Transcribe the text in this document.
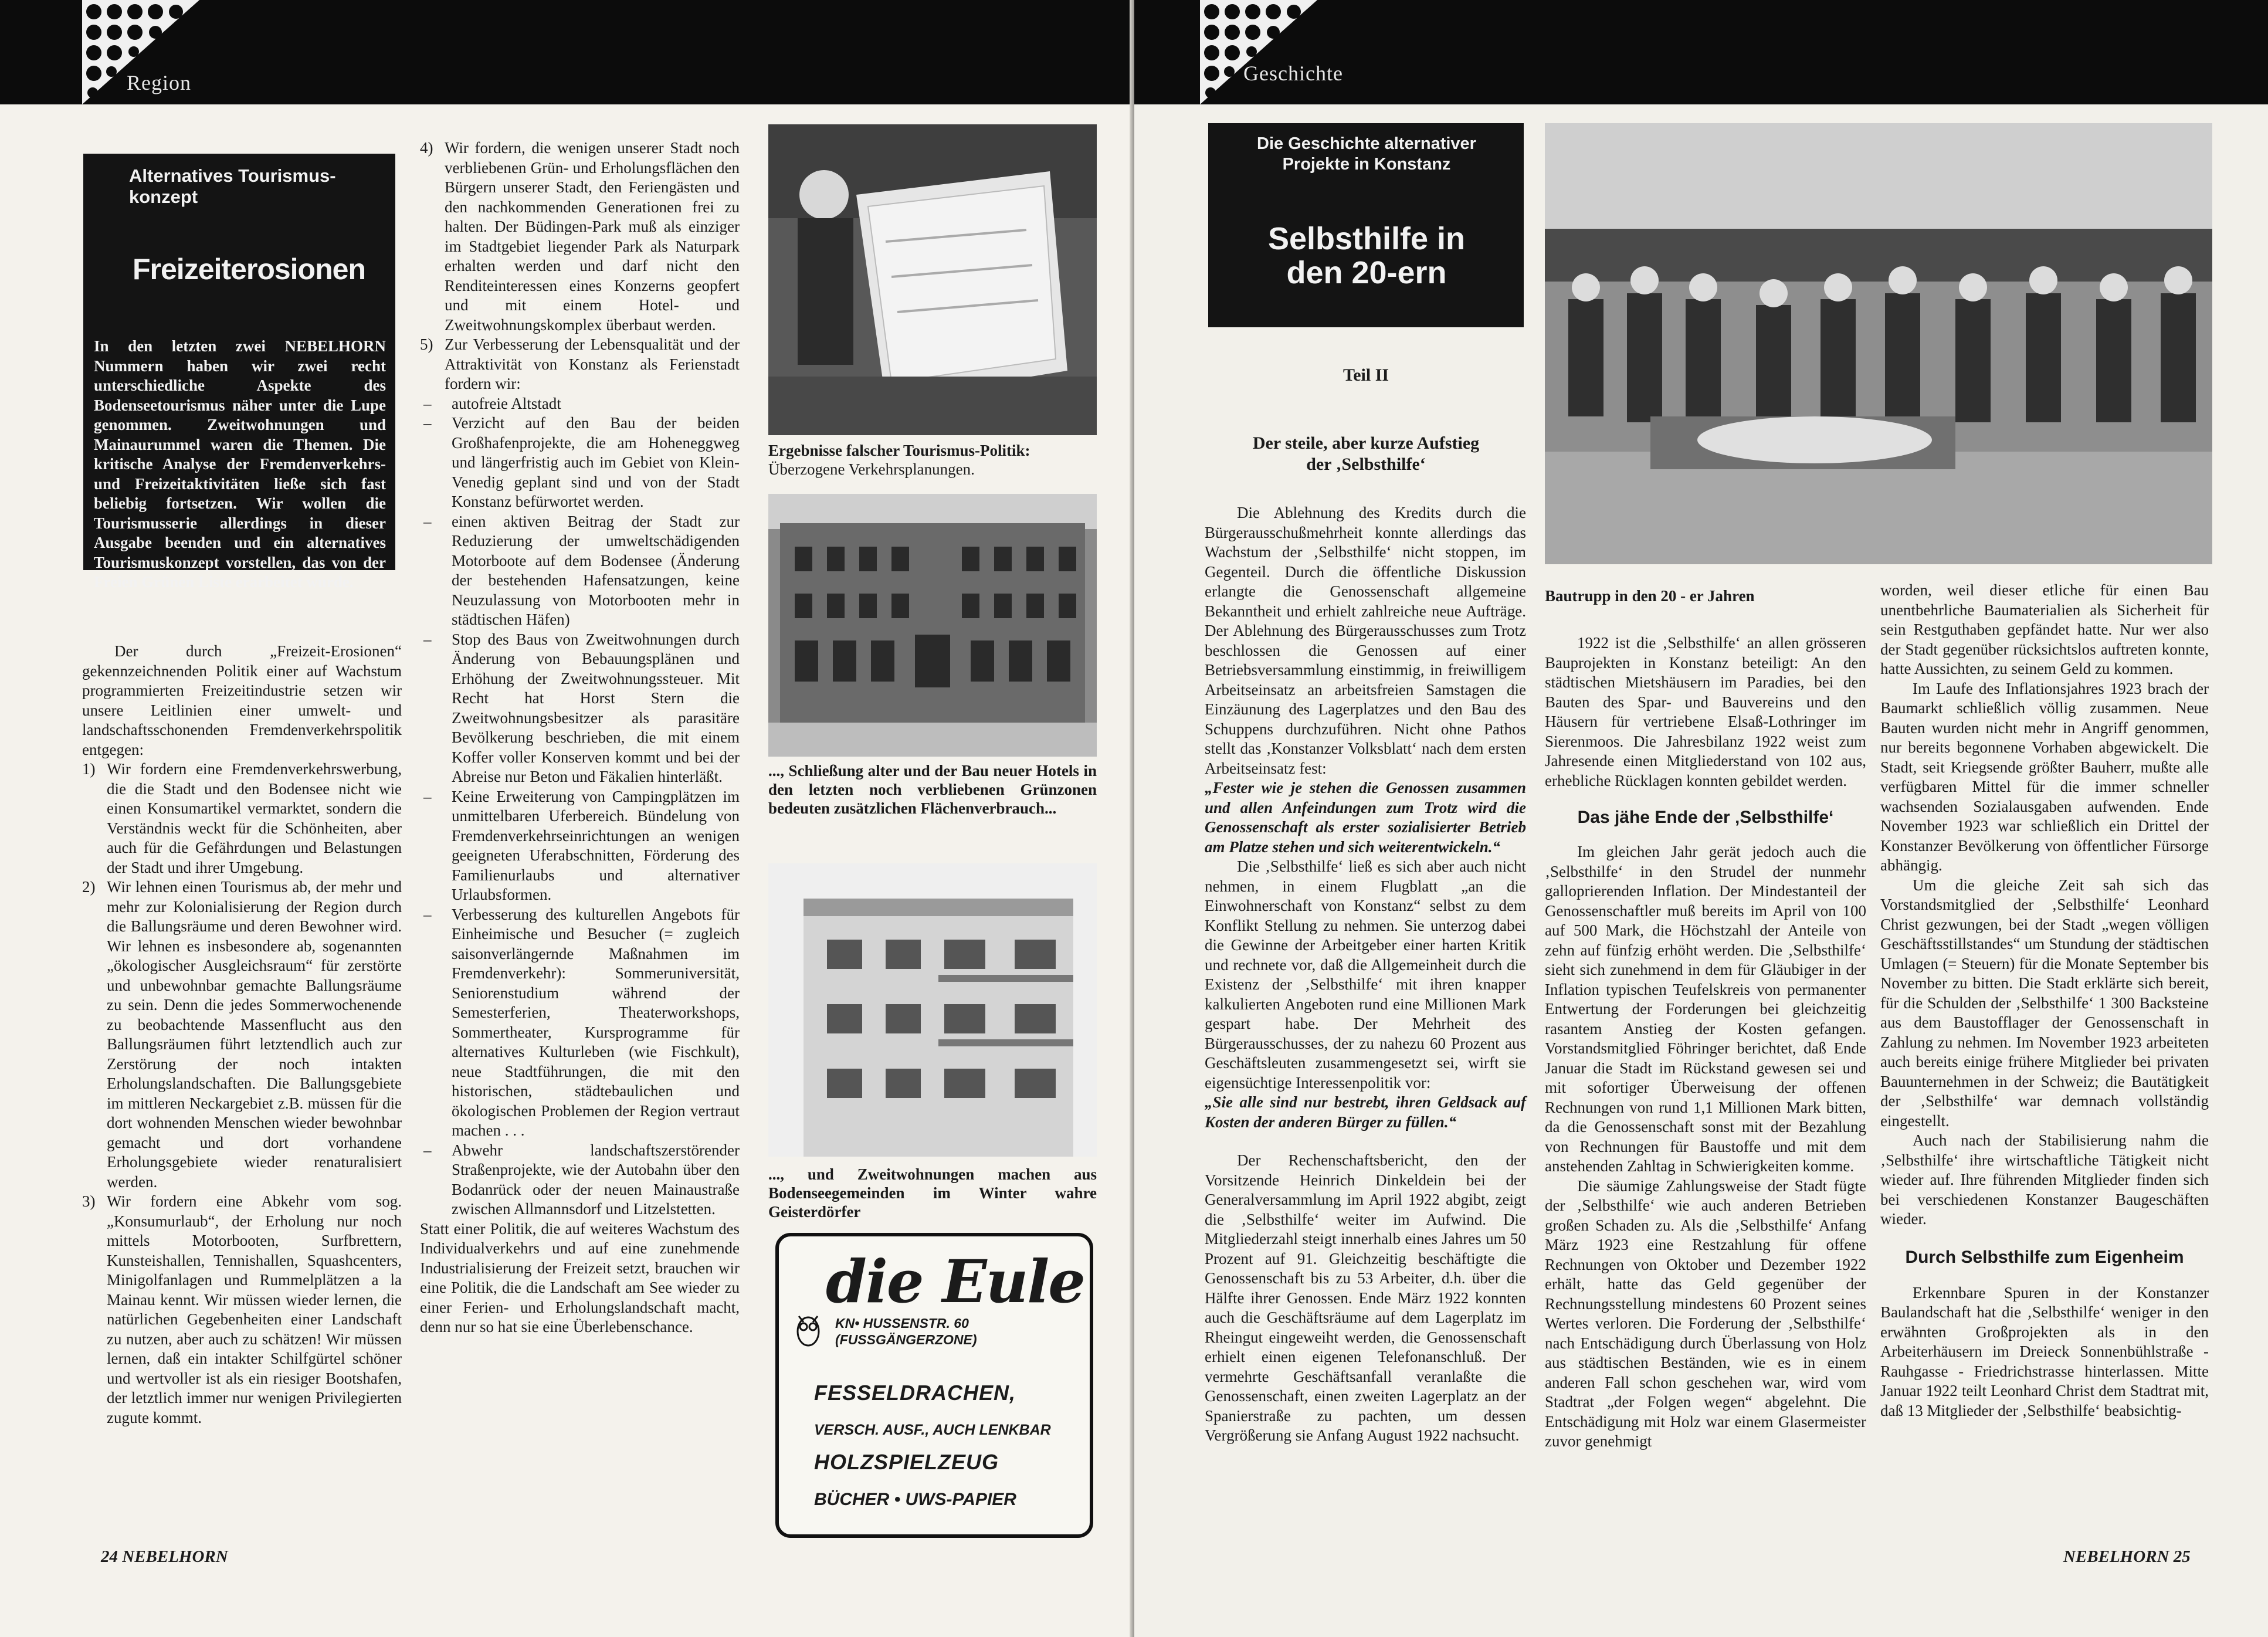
Region
Alternatives Tourismus-konzept
Freizeiterosionen
In den letzten zwei NEBELHORN Nummern haben wir zwei recht unterschiedliche Aspekte des Bodenseetourismus näher unter die Lupe genommen. Zweitwohnungen und Mainaurummel waren die Themen. Die kritische Analyse der Fremdenverkehrs- und Freizeitaktivitäten ließe sich fast beliebig fortsetzen. Wir wollen die Tourismusserie allerdings in dieser Ausgabe beenden und ein alternatives Tourismuskonzept vorstellen, das von der Freien Grünen Liste erarbeitet wurde.

Der durch „Freizeit-Erosionen“ gekennzeichnenden Politik einer auf Wachstum programmierten Freizeitindustrie setzen wir unsere Leitlinien einer umwelt- und landschaftsschonenden Fremdenverkehrspolitik entgegen:

1) Wir fordern eine Fremdenverkehrswerbung, die die Stadt und den Bodensee nicht wie einen Konsumartikel vermarktet, sondern die Verständnis weckt für die Schönheiten, aber auch für die Gefährdungen und Belastungen der Stadt und ihrer Umgebung.
2) Wir lehnen einen Tourismus ab, der mehr und mehr zur Kolonialisierung der Region durch die Ballungsräume und deren Bewohner wird. Wir lehnen es insbesondere ab, sogenannten „ökologischer Ausgleichsraum“ für zerstörte und unbewohnbar gemachte Ballungsräume zu sein. Denn die jedes Sommerwochenende zu beobachtende Massenflucht aus den Ballungsräumen führt letztendlich auch zur Zerstörung der noch intakten Erholungslandschaften. Die Ballungsgebiete im mittleren Neckargebiet z.B. müssen für die dort wohnenden Menschen wieder bewohnbar gemacht und dort vorhandene Erholungsgebiete wieder renaturalisiert werden.
3) Wir fordern eine Abkehr vom sog. „Konsumurlaub“, der Erholung nur noch mittels Motorbooten, Surfbrettern, Kunsteishallen, Tennishallen, Squashcenters, Minigolfanlagen und Rummelplätzen a la Mainau kennt. Wir müssen wieder lernen, die natürlichen Gegebenheiten einer Landschaft zu nutzen, aber auch zu schätzen! Wir müssen lernen, daß ein intakter Schilfgürtel schöner und wertvoller ist als ein riesiger Bootshafen, der letztlich immer nur wenigen Privilegierten zugute kommt.
4) Wir fordern, die wenigen unserer Stadt noch verbliebenen Grün- und Erholungsflächen den Bürgern unserer Stadt, den Feriengästen und den nachkommenden Generationen frei zu halten. Der Büdingen-Park muß als einziger im Stadtgebiet liegender Park als Naturpark erhalten werden und darf nicht den Renditeinteressen eines Konzerns geopfert und mit einem Hotel- und Zweitwohnungskomplex überbaut werden.
5) Zur Verbesserung der Lebensqualität und der Attraktivität von Konstanz als Ferienstadt fordern wir:
–	autofreie Altstadt
–	Verzicht auf den Bau der beiden Großhafenprojekte, die am Hoheneggweg und längerfristig auch im Gebiet von Klein-Venedig geplant sind und von der Stadt Konstanz befürwortet werden.
–	einen aktiven Beitrag der Stadt zur Reduzierung der umweltschädigenden Motorboote auf dem Bodensee (Änderung der bestehenden Hafensatzungen, keine Neuzulassung von Motorbooten mehr in städtischen Häfen)
–	Stop des Baus von Zweitwohnungen durch Änderung von Bebauungsplänen und Erhöhung der Zweitwohnungssteuer. Mit Recht hat Horst Stern die Zweitwohnungsbesitzer als parasitäre Bevölkerung beschrieben, die mit einem Koffer voller Konserven kommt und bei der Abreise nur Beton und Fäkalien hinterläßt.
–	Keine Erweiterung von Campingplätzen im unmittelbaren Uferbereich. Bündelung von Fremdenverkehrseinrichtungen an wenigen geeigneten Uferabschnitten, Förderung des Familienurlaubs und alternativer Urlaubsformen.
–	Verbesserung des kulturellen Angebots für Einheimische und Besucher (= zugleich saisonverlängernde Maßnahmen im Fremdenverkehr): Sommeruniversität, Seniorenstudium während der Semesterferien, Theaterworkshops, Sommertheater, Kursprogramme für alternatives Kulturleben (wie Fischkult), neue Stadtführungen, die mit den historischen, städtebaulichen und ökologischen Problemen der Region vertraut machen . . .
–	Abwehr landschaftszerstörender Straßenprojekte, wie der Autobahn über den Bodanrück oder der neuen Mainaustraße zwischen Allmannsdorf und Litzelstetten.

Statt einer Politik, die auf weiteres Wachstum des Individualverkehrs und auf eine zunehmende Industrialisierung der Freizeit setzt, brauchen wir eine Politik, die die Landschaft am See wieder zu einer Ferien- und Erholungslandschaft macht, denn nur so hat sie eine Überlebenschance.

Ergebnisse falscher Tourismus-Politik:
Überzogene Verkehrsplanungen.
..., Schließung alter und der Bau neuer Hotels in den letzten noch verbliebenen Grünzonen bedeuten zusätzlichen Flächenverbrauch...
..., und Zweitwohnungen machen aus Bodenseegemeinden im Winter wahre Geisterdörfer
die Eule
KN• HUSSENSTR. 60 (FUSSGÄNGERZONE)
FESSELDRACHEN,
VERSCH. AUSF., AUCH LENKBAR
HOLZSPIELZEUG
BÜCHER • UWS-PAPIER
24 NEBELHORN
Geschichte
Die Geschichte alternativer Projekte in Konstanz
Selbsthilfe in den 20-ern
Teil II
Der steile, aber kurze Aufstieg der ‚Selbsthilfe‘

Die Ablehnung des Kredits durch die Bürgerausschußmehrheit konnte allerdings das Wachstum der ‚Selbsthilfe‘ nicht stoppen, im Gegenteil. Durch die öffentliche Diskussion erlangte die Genossenschaft allgemeine Bekanntheit und erhielt zahlreiche neue Aufträge. Der Ablehnung des Bürgerausschusses zum Trotz beschlossen die Genossen auf einer Betriebsversammlung einstimmig, in freiwilligem Arbeitseinsatz an arbeitsfreien Samstagen die Einzäunung des Lagerplatzes und den Bau des Schuppens durchzuführen. Nicht ohne Pathos stellt das ‚Konstanzer Volksblatt‘ nach dem ersten Arbeitseinsatz fest:

„Fester wie je stehen die Genossen zusammen und allen Anfeindungen zum Trotz wird die Genossenschaft als erster sozialisierter Betrieb am Platze stehen und sich weiterentwickeln.“

Die ‚Selbsthilfe‘ ließ es sich aber auch nicht nehmen, in einem Flugblatt „an die Einwohnerschaft von Konstanz“ selbst zu dem Konflikt Stellung zu nehmen. Sie unterzog dabei die Gewinne der Arbeitgeber einer harten Kritik und rechnete vor, daß die Allgemeinheit durch die Existenz der ‚Selbsthilfe‘ mit ihren knapper kalkulierten Angeboten rund eine Millionen Mark gespart habe. Der Mehrheit des Bürgerausschusses, der zu nahezu 60 Prozent aus Geschäftsleuten zusammengesetzt sei, wirft sie eigensüchtige Interessenpolitik vor:

„Sie alle sind nur bestrebt, ihren Geldsack auf Kosten der anderen Bürger zu füllen.“

Der Rechenschaftsbericht, den der Vorsitzende Heinrich Dinkeldein bei der Generalversammlung im April 1922 abgibt, zeigt die ‚Selbsthilfe‘ weiter im Aufwind. Die Mitgliederzahl steigt innerhalb eines Jahres um 50 Prozent auf 91. Gleichzeitig beschäftigte die Genossenschaft bis zu 53 Arbeiter, d.h. über die Hälfte ihrer Genossen. Ende März 1922 konnten auch die Geschäftsräume auf dem Lagerplatz im Rheingut eingeweiht werden, die Genossenschaft erhielt einen eigenen Telefonanschluß. Der vermehrte Geschäftsanfall veranlaßte die Genossenschaft, einen zweiten Lagerplatz an der Spanierstraße zu pachten, um dessen Vergrößerung sie Anfang August 1922 nachsucht.

Bautrupp in den 20 - er Jahren

1922 ist die ‚Selbsthilfe‘ an allen grösseren Bauprojekten in Konstanz beteiligt: An den städtischen Mietshäusern im Paradies, bei den Bauten des Spar- und Bauvereins und den Häusern für vertriebene Elsaß-Lothringer im Sierenmoos. Die Jahresbilanz 1922 weist zum Jahresende einen Mitgliederstand von 102 aus, erhebliche Rücklagen konnten gebildet werden.

Das jähe Ende der ‚Selbsthilfe‘

Im gleichen Jahr gerät jedoch auch die ‚Selbsthilfe‘ in den Strudel der nunmehr galloprierenden Inflation. Der Mindestanteil der Genossenschaftler muß bereits im April von 100 auf 500 Mark, die Höchstzahl der Anteile von zehn auf fünfzig erhöht werden. Die ‚Selbsthilfe‘ sieht sich zunehmend in dem für Gläubiger in der Inflation typischen Teufelskreis von permanenter Entwertung der Forderungen bei gleichzeitig rasantem Anstieg der Kosten gefangen. Vorstandsmitglied Föhringer berichtet, daß Ende Januar die Stadt im Rückstand gewesen sei und mit sofortiger Überweisung der offenen Rechnungen von rund 1,1 Millionen Mark bitten, da die Genossenschaft sonst mit der Bezahlung von Rechnungen für Baustoffe und mit dem anstehenden Zahltag in Schwierigkeiten komme.

Die säumige Zahlungsweise der Stadt fügte der ‚Selbsthilfe‘ wie auch anderen Betrieben großen Schaden zu. Als die ‚Selbsthilfe‘ Anfang März 1923 eine Restzahlung für offene Rechnungen von Oktober und Dezember 1922 erhält, hatte das Geld gegenüber der Rechnungsstellung mindestens 60 Prozent seines Wertes verloren. Die Forderung der ‚Selbsthilfe‘ nach Entschädigung durch Überlassung von Holz aus städtischen Beständen, wie es in einem anderen Fall schon geschehen war, wird vom Stadtrat „der Folgen wegen“ abgelehnt. Die Entschädigung mit Holz war einem Glasermeister zuvor genehmigt

worden, weil dieser etliche für einen Bau unentbehrliche Baumaterialien als Sicherheit für sein Restguthaben gepfändet hatte. Nur wer also der Stadt gegenüber rücksichtslos auftreten konnte, hatte Aussichten, zu seinem Geld zu kommen.

Im Laufe des Inflationsjahres 1923 brach der Baumarkt schließlich völlig zusammen. Neue Bauten wurden nicht mehr in Angriff genommen, nur bereits begonnene Vorhaben abgewickelt. Die Stadt, seit Kriegsende größter Bauherr, mußte alle verfügbaren Mittel für die immer schneller wachsenden Sozialausgaben aufwenden. Ende November 1923 war schließlich ein Drittel der Konstanzer Bevölkerung von öffentlicher Fürsorge abhängig.

Um die gleiche Zeit sah sich das Vorstandsmitglied der ‚Selbsthilfe‘ Leonhard Christ gezwungen, bei der Stadt „wegen völligen Geschäftsstillstandes“ um Stundung der städtischen Umlagen (= Steuern) für die Monate September bis November zu bitten. Die Stadt erklärte sich bereit, für die Schulden der ‚Selbsthilfe‘ 1 300 Backsteine aus dem Baustofflager der Genossenschaft in Zahlung zu nehmen. Im November 1923 arbeiteten auch bereits einige frühere Mitglieder bei privaten Bauunternehmen in der Schweiz; die Bautätigkeit der ‚Selbsthilfe‘ war demnach vollständig eingestellt.

Auch nach der Stabilisierung nahm die ‚Selbsthilfe‘ ihre wirtschaftliche Tätigkeit nicht wieder auf. Ihre führenden Mitglieder finden sich bei verschiedenen Konstanzer Baugeschäften wieder.

Durch Selbsthilfe zum Eigenheim

Erkennbare Spuren in der Konstanzer Baulandschaft hat die ‚Selbsthilfe‘ weniger in den erwähnten Großprojekten als in den Arbeiterhäusern im Dreieck Sonnenbühlstraße - Rauhgasse - Friedrichstrasse hinterlassen. Mitte Januar 1922 teilt Leonhard Christ dem Stadtrat mit, daß 13 Mitglieder der ‚Selbsthilfe‘ beabsichtig-

NEBELHORN 25
